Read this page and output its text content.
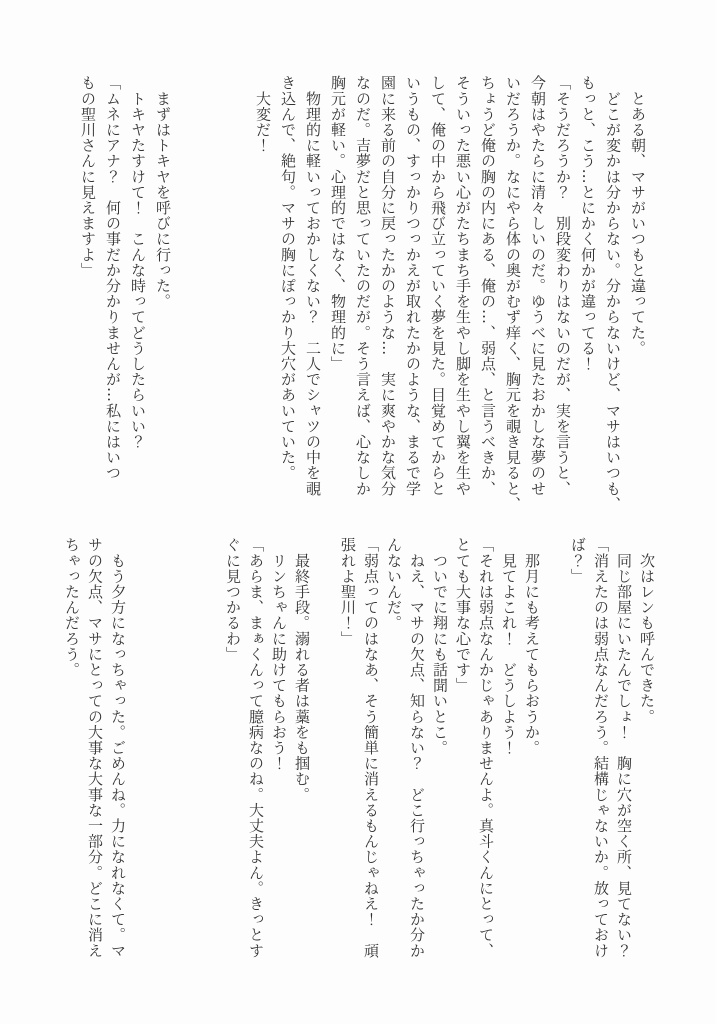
　とある朝、マサがいつもと違ってた。
　どこが変かは分からない。分からないけど、マサはいつも、
もっと、こう…とにかく何かが違ってる！
「そうだろうか？　別段変わりはないのだが、実を言うと、
今朝はやたらに清々しいのだ。ゆうべに見たおかしな夢のせ
いだろうか。なにやら体の奥がむず痒く、胸元を覗き見ると、
ちょうど俺の胸の内にある、俺の…、弱点、と言うべきか、
そういった悪い心がたちまち手を生やし脚を生やし翼を生や
して、俺の中から飛び立っていく夢を見た。目覚めてからと
いうもの、すっかりつっかえが取れたかのような、まるで学
園に来る前の自分に戻ったかのような…　実に爽やかな気分
なのだ。吉夢だと思っていたのだが。そう言えば、心なしか
胸元が軽い。心理的ではなく、物理的に」
　物理的に軽いっておかしくない？　二人でシャツの中を覗
き込んで、絶句。マサの胸にぽっかり大穴があいていた。
　大変だ！

　まずはトキヤを呼びに行った。
　トキヤたすけて！　こんな時ってどうしたらいい？
「ムネにアナ？　何の事だか分かりませんが…私にはいつ
もの聖川さんに見えますよ」
　次はレンも呼んできた。
　同じ部屋にいたんでしょ！　胸に穴が空く所、見てない？
「消えたのは弱点なんだろう。結構じゃないか。放っておけ
ば？」

　那月にも考えてもらおうか。
　見てよこれ！　どうしよう！
「それは弱点なんかじゃありませんよ。真斗くんにとって、
とても大事な心です」
　ついでに翔にも話聞いとこ。
　ねえ、マサの欠点、知らない？　どこ行っちゃったか分か
んないんだ。
「弱点ってのはなあ、そう簡単に消えるもんじゃねえ！　頑
張れよ聖川！」

　最終手段。溺れる者は藁をも掴む。
　リンちゃんに助けてもらおう！
「あらま、まぁくんって臆病なのね。大丈夫よん。きっとす
ぐに見つかるわ」

　もう夕方になっちゃった。ごめんね。力になれなくて。マ
サの欠点、マサにとっての大事な大事な一部分。どこに消え
ちゃったんだろう。
